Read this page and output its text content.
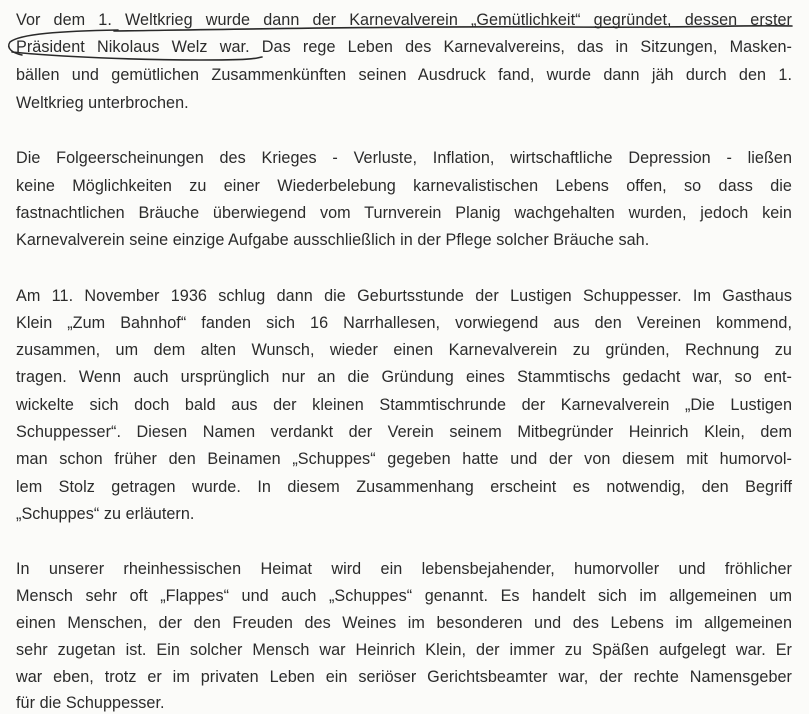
Vor dem 1. Weltkrieg wurde dann der Karnevalverein „Gemütlichkeit“ gegründet, dessen erster
Präsident Nikolaus Welz war. Das rege Leben des Karnevalvereins, das in Sitzungen, Masken-
bällen und gemütlichen Zusammenkünften seinen Ausdruck fand, wurde dann jäh durch den 1.
Weltkrieg unterbrochen.
Die Folgeerscheinungen des Krieges - Verluste, Inflation, wirtschaftliche Depression - ließen
keine Möglichkeiten zu einer Wiederbelebung karnevalistischen Lebens offen, so dass die
fastnachtlichen Bräuche überwiegend vom Turnverein Planig wachgehalten wurden, jedoch kein
Karnevalverein seine einzige Aufgabe ausschließlich in der Pflege solcher Bräuche sah.
Am 11. November 1936 schlug dann die Geburtsstunde der Lustigen Schuppesser. Im Gasthaus
Klein „Zum Bahnhof“ fanden sich 16 Narrhallesen, vorwiegend aus den Vereinen kommend,
zusammen, um dem alten Wunsch, wieder einen Karnevalverein zu gründen, Rechnung zu
tragen. Wenn auch ursprünglich nur an die Gründung eines Stammtischs gedacht war, so ent-
wickelte sich doch bald aus der kleinen Stammtischrunde der Karnevalverein „Die Lustigen
Schuppesser“. Diesen Namen verdankt der Verein seinem Mitbegründer Heinrich Klein, dem
man schon früher den Beinamen „Schuppes“ gegeben hatte und der von diesem mit humorvol-
lem Stolz getragen wurde. In diesem Zusammenhang erscheint es notwendig, den Begriff
„Schuppes“ zu erläutern.
In unserer rheinhessischen Heimat wird ein lebensbejahender, humorvoller und fröhlicher
Mensch sehr oft „Flappes“ und auch „Schuppes“ genannt. Es handelt sich im allgemeinen um
einen Menschen, der den Freuden des Weines im besonderen und des Lebens im allgemeinen
sehr zugetan ist. Ein solcher Mensch war Heinrich Klein, der immer zu Späßen aufgelegt war. Er
war eben, trotz er im privaten Leben ein seriöser Gerichtsbeamter war, der rechte Namensgeber
für die Schuppesser.
